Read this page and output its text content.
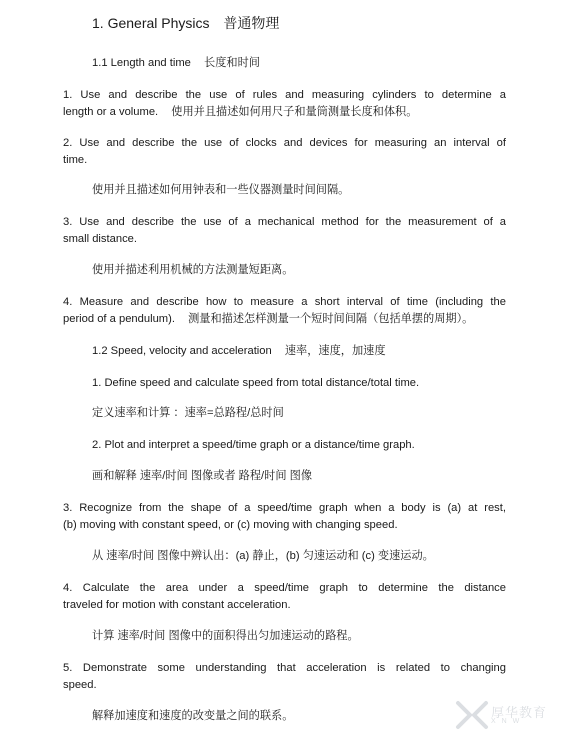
1. General Physics 普通物理
1.1 Length and time 长度和时间
1. Use and describe the use of rules and measuring cylinders to determine a
length or a volume. 使用并且描述如何用尺子和量筒测量长度和体积。
2. Use and describe the use of clocks and devices for measuring an interval of
time.
使用并且描述如何用钟表和一些仪器测量时间间隔。
3. Use and describe the use of a mechanical method for the measurement of a
small distance.
使用并描述利用机械的方法测量短距离。
4. Measure and describe how to measure a short interval of time (including the
period of a pendulum). 测量和描述怎样测量一个短时间间隔（包括单摆的周期）。
1.2 Speed, velocity and acceleration 速率，速度，加速度
1. Define speed and calculate speed from total distance/total time.
定义速率和计算 ：速率=总路程/总时间
2. Plot and interpret a speed/time graph or a distance/time graph.
画和解释 速率/时间 图像或者 路程/时间 图像
3. Recognize from the shape of a speed/time graph when a body is (a) at rest,
(b) moving with constant speed, or (c) moving with changing speed.
从 速率/时间 图像中辨认出：(a) 静止，(b) 匀速运动和 (c) 变速运动。
4. Calculate the area under a speed/time graph to determine the distance
traveled for motion with constant acceleration.
计算 速率/时间 图像中的面积得出匀加速运动的路程。
5. Demonstrate some understanding that acceleration is related to changing
speed.
解释加速度和速度的改变量之间的联系。	厚华教育
X N W
